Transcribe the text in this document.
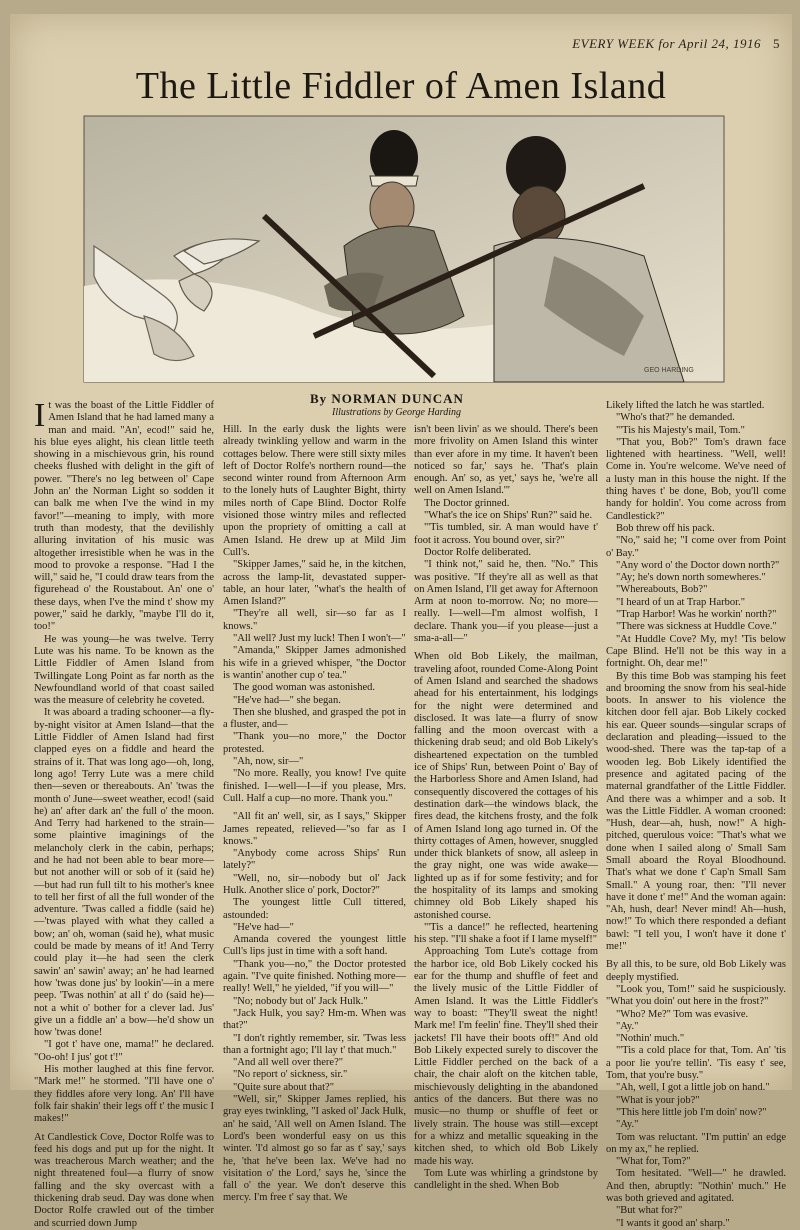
EVERY WEEK for April 24, 1916 5
The Little Fiddler of Amen Island
GEO HARDING
By NORMAN DUNCAN
Illustrations by George Harding

It was the boast of the Little Fiddler of Amen Island that he had lamed many a man and maid. "An', ecod!" said he, his blue eyes alight, his clean little teeth showing in a mischievous grin, his round cheeks flushed with delight in the gift of power. "There's no leg between ol' Cape John an' the Norman Light so sodden it can balk me when I've the wind in my favor!"—meaning to imply, with more truth than modesty, that the devilishly alluring invitation of his music was altogether irresistible when he was in the mood to provoke a response. "Had I the will," said he, "I could draw tears from the figurehead o' the Roustabout. An' one o' these days, when I've the mind t' show my power," said he darkly, "maybe I'll do it, too!"

He was young—he was twelve. Terry Lute was his name. To be known as the Little Fiddler of Amen Island from Twillingate Long Point as far north as the Newfoundland world of that coast sailed was the measure of celebrity he coveted.

It was aboard a trading schooner—a fly-by-night visitor at Amen Island—that the Little Fiddler of Amen Island had first clapped eyes on a fiddle and heard the strains of it. That was long ago—oh, long, long ago! Terry Lute was a mere child then—seven or thereabouts. An' 'twas the month o' June—sweet weather, ecod! (said he) an' after dark an' the full o' the moon. And Terry had harkened to the strain—some plaintive imaginings of the melancholy clerk in the cabin, perhaps; and he had not been able to bear more—but not another will or sob of it (said he)—but had run full tilt to his mother's knee to tell her first of all the full wonder of the adventure. 'Twas called a fiddle (said he)—'twas played with what they called a bow; an' oh, woman (said he), what music could be made by means of it! And Terry could play it—he had seen the clerk sawin' an' sawin' away; an' he had learned how 'twas done jus' by lookin'—in a mere peep. 'Twas nothin' at all t' do (said he)—not a whit o' bother for a clever lad. Jus' give un a fiddle an' a bow—he'd show un how 'twas done!

"I got t' have one, mama!" he declared. "Oo-oh! I jus' got t'!"

His mother laughed at this fine fervor. "Mark me!" he stormed. "I'll have one o' they fiddles afore very long. An' I'll have folk fair shakin' their legs off t' the music I makes!"

At Candlestick Cove, Doctor Rolfe was to feed his dogs and put up for the night. It was treacherous March weather; and the night threatened foul—a flurry of snow falling and the sky overcast with a thickening drab seud. Day was done when Doctor Rolfe crawled out of the timber and scurried down Jump

Hill. In the early dusk the lights were already twinkling yellow and warm in the cottages below. There were still sixty miles left of Doctor Rolfe's northern round—the second winter round from Afternoon Arm to the lonely huts of Laughter Bight, thirty miles north of Cape Blind. Doctor Rolfe visioned those wintry miles and reflected upon the propriety of omitting a call at Amen Island. He drew up at Mild Jim Cull's.

"Skipper James," said he, in the kitchen, across the lamp-lit, devastated supper-table, an hour later, "what's the health of Amen Island?"

"They're all well, sir—so far as I knows."

"All well? Just my luck! Then I won't—"

"Amanda," Skipper James admonished his wife in a grieved whisper, "the Doctor is wantin' another cup o' tea."

The good woman was astonished.

"He've had—" she began.

Then she blushed, and grasped the pot in a fluster, and—

"Thank you—no more," the Doctor protested.

"Ah, now, sir—"

"No more. Really, you know! I've quite finished. I—well—I—if you please, Mrs. Cull. Half a cup—no more. Thank you."

"All fit an' well, sir, as I says," Skipper James repeated, relieved—"so far as I knows."

"Anybody come across Ships' Run lately?"

"Well, no, sir—nobody but ol' Jack Hulk. Another slice o' pork, Doctor?"

The youngest little Cull tittered, astounded:

"He've had—"

Amanda covered the youngest little Cull's lips just in time with a soft hand.

"Thank you—no," the Doctor protested again. "I've quite finished. Nothing more—really! Well," he yielded, "if you will—"

"No; nobody but ol' Jack Hulk."

"Jack Hulk, you say? Hm-m. When was that?"

"I don't rightly remember, sir. 'Twas less than a fortnight ago; I'll lay t' that much."

"And all well over there?"

"No report o' sickness, sir."

"Quite sure about that?"

"Well, sir," Skipper James replied, his gray eyes twinkling, "I asked ol' Jack Hulk, an' he said, 'All well on Amen Island. The Lord's been wonderful easy on us this winter. 'I'd almost go so far as t' say,' says he, 'that he've been lax. We've had no visitation o' the Lord,' says he, 'since the fall o' the year. We don't deserve this mercy. I'm free t' say that. We

isn't been livin' as we should. There's been more frivolity on Amen Island this winter than ever afore in my time. It haven't been noticed so far,' says he. 'That's plain enough. An' so, as yet,' says he, 'we're all well on Amen Island.'"

The Doctor grinned.

"What's the ice on Ships' Run?" said he.

"'Tis tumbled, sir. A man would have t' foot it across. You bound over, sir?"

Doctor Rolfe deliberated.

"I think not," said he, then. "No." This was positive. "If they're all as well as that on Amen Island, I'll get away for Afternoon Arm at noon to-morrow. No; no more—really. I—well—I'm almost wolfish, I declare. Thank you—if you please—just a sma-a-all—"

When old Bob Likely, the mailman, traveling afoot, rounded Come-Along Point of Amen Island and searched the shadows ahead for his entertainment, his lodgings for the night were determined and disclosed. It was late—a flurry of snow falling and the moon overcast with a thickening drab seud; and old Bob Likely's disheartened expectation on the tumbled ice of Ships' Run, between Point o' Bay of the Harborless Shore and Amen Island, had consequently discovered the cottages of his destination dark—the windows black, the fires dead, the kitchens frosty, and the folk of Amen Island long ago turned in. Of the thirty cottages of Amen, however, snuggled under thick blankets of snow, all asleep in the gray night, one was wide awake—lighted up as if for some festivity; and for the hospitality of its lamps and smoking chimney old Bob Likely shaped his astonished course.

"'Tis a dance!" he reflected, heartening his step. "I'll shake a foot if I lame myself!"

Approaching Tom Lute's cottage from the harbor ice, old Bob Likely cocked his ear for the thump and shuffle of feet and the lively music of the Little Fiddler of Amen Island. It was the Little Fiddler's way to boast: "They'll sweat the night! Mark me! I'm feelin' fine. They'll shed their jackets! I'll have their boots off!" And old Bob Likely expected surely to discover the Little Fiddler perched on the back of a chair, the chair aloft on the kitchen table, mischievously delighting in the abandoned antics of the dancers. But there was no music—no thump or shuffle of feet or lively strain. The house was still—except for a whizz and metallic squeaking in the kitchen shed, to which old Bob Likely made his way.

Tom Lute was whirling a grindstone by candlelight in the shed. When Bob

Likely lifted the latch he was startled.

"Who's that?" he demanded.

"'Tis his Majesty's mail, Tom."

"That you, Bob?" Tom's drawn face lightened with heartiness. "Well, well! Come in. You're welcome. We've need of a lusty man in this house the night. If the thing haves t' be done, Bob, you'll come handy for holdin'. You come across from Candlestick?"

Bob threw off his pack.

"No," said he; "I come over from Point o' Bay."

"Any word o' the Doctor down north?"

"Ay; he's down north somewheres."

"Whereabouts, Bob?"

"I heard of un at Trap Harbor."

"Trap Harbor! Was he workin' north?"

"There was sickness at Huddle Cove."

"At Huddle Cove? My, my! 'Tis below Cape Blind. He'll not be this way in a fortnight. Oh, dear me!"

By this time Bob was stamping his feet and brooming the snow from his seal-hide boots. In answer to his violence the kitchen door fell ajar. Bob Likely cocked his ear. Queer sounds—singular scraps of declaration and pleading—issued to the wood-shed. There was the tap-tap of a wooden leg. Bob Likely identified the presence and agitated pacing of the maternal grandfather of the Little Fiddler. And there was a whimper and a sob. It was the Little Fiddler. A woman crooned: "Hush, dear—ah, hush, now!" A high-pitched, querulous voice: "That's what we done when I sailed along o' Small Sam Small aboard the Royal Bloodhound. That's what we done t' Cap'n Small Sam Small." A young roar, then: "I'll never have it done t' me!" And the woman again: "Ah, hush, dear! Never mind! Ah—hush, now!" To which there responded a defiant bawl: "I tell you, I won't have it done t' me!"

By all this, to be sure, old Bob Likely was deeply mystified.

"Look you, Tom!" said he suspiciously. "What you doin' out here in the frost?"

"Who? Me?" Tom was evasive.

"Ay."

"Nothin' much."

"'Tis a cold place for that, Tom. An' 'tis a poor lie you're tellin'. 'Tis easy t' see, Tom, that you're busy."

"Ah, well, I got a little job on hand."

"What is your job?"

"This here little job I'm doin' now?"

"Ay."

Tom was reluctant. "I'm puttin' an edge on my ax," he replied.

"What for, Tom?"

Tom hesitated. "Well—" he drawled. And then, abruptly: "Nothin' much." He was both grieved and agitated.

"But what for?"

"I wants it good an' sharp."
